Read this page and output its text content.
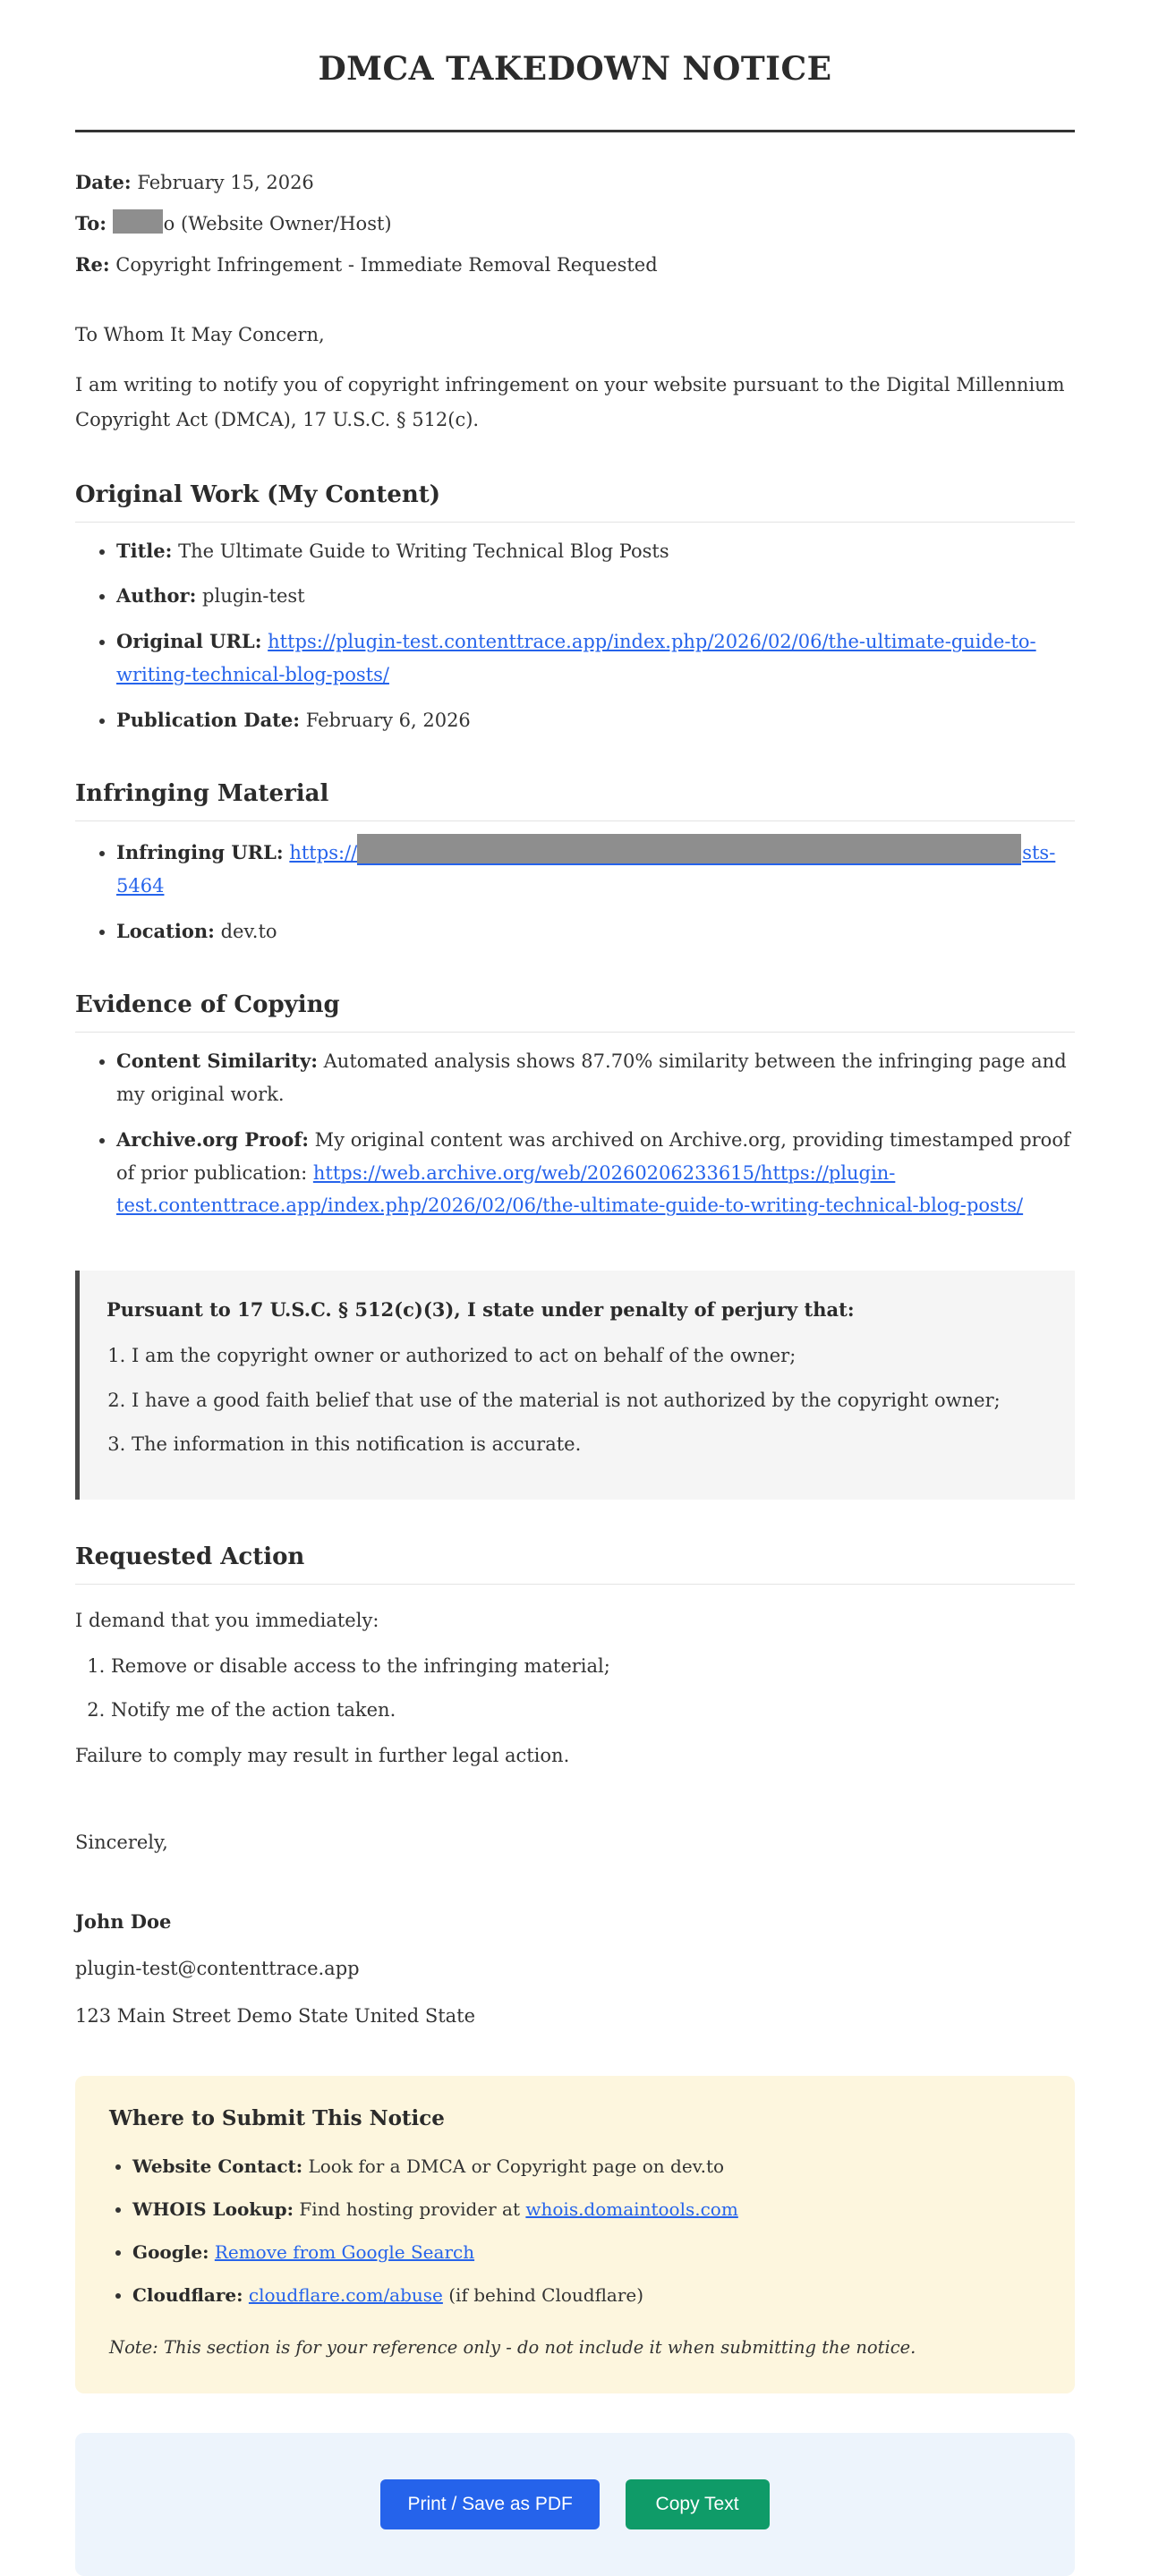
DMCA TAKEDOWN NOTICE

Date: February 15, 2026

To:	o (Website Owner/Host)

Re: Copyright Infringement - Immediate Removal Requested

To Whom It May Concern,

I am writing to notify you of copyright infringement on your website pursuant to the Digital Millennium Copyright Act (DMCA), 17 U.S.C. § 512(c).

Original Work (My Content)
• Title: The Ultimate Guide to Writing Technical Blog Posts
• Author: plugin-test
• Original URL: https://plugin-test.contenttrace.app/index.php/2026/02/06/the-ultimate-guide-to-writing-technical-blog-posts/
• Publication Date: February 6, 2026
Infringing Material
• Infringing URL: https://	sts-
5464
• Location: dev.to
Evidence of Copying
• Content Similarity: Automated analysis shows 87.70% similarity between the infringing page and my original work.
• Archive.org Proof: My original content was archived on Archive.org, providing timestamped proof of prior publication: https://web.archive.org/web/20260206233615/https://plugin-test.contenttrace.app/index.php/2026/02/06/the-ultimate-guide-to-writing-technical-blog-posts/

Pursuant to 17 U.S.C. § 512(c)(3), I state under penalty of perjury that:

1. I am the copyright owner or authorized to act on behalf of the owner;
2. I have a good faith belief that use of the material is not authorized by the copyright owner;
3. The information in this notification is accurate.
Requested Action

I demand that you immediately:

1. Remove or disable access to the infringing material;
2. Notify me of the action taken.

Failure to comply may result in further legal action.

Sincerely,

John Doe

plugin-test@contenttrace.app

123 Main Street Demo State United State

Where to Submit This Notice
• Website Contact: Look for a DMCA or Copyright page on dev.to
• WHOIS Lookup: Find hosting provider at whois.domaintools.com
• Google: Remove from Google Search
• Cloudflare: cloudflare.com/abuse (if behind Cloudflare)

Note: This section is for your reference only - do not include it when submitting the notice.

Print / Save as PDF	Copy Text
